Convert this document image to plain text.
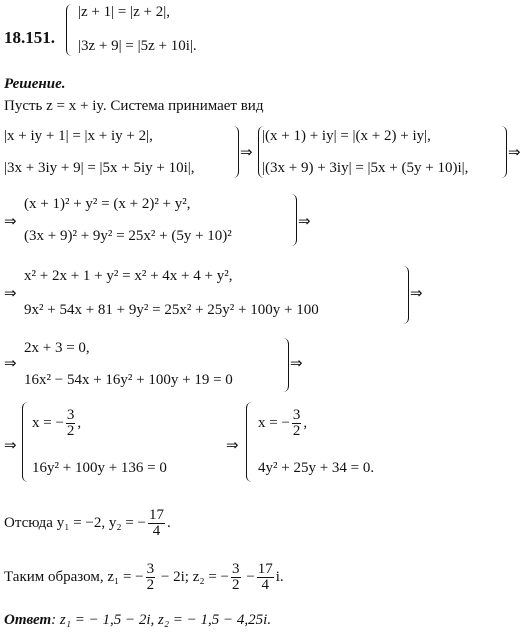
18.151.
|z + 1| = |z + 2|,
|3z + 9| = |5z + 10i|.
Решение.
Пусть z = x + iy. Система принимает вид
|x + iy + 1| = |x + iy + 2|,
|3x + 3iy + 9| = |5x + 5iy + 10i|,
⇒
|(x + 1) + iy| = |(x + 2) + iy|,
|(3x + 9) + 3iy| = |5x + (5y + 10)i|,
⇒
⇒
(x + 1)² + y² = (x + 2)² + y²,
(3x + 9)² + 9y² = 25x² + (5y + 10)²
⇒
⇒
x² + 2x + 1 + y² = x² + 4x + 4 + y²,
9x² + 54x + 81 + 9y² = 25x² + 25y² + 100y + 100
⇒
⇒
2x + 3 = 0,
16x² − 54x + 16y² + 100y + 19 = 0
⇒
⇒
x = − $\frac{3}{2}$ ,
16y² + 100y + 136 = 0
⇒
x = − $\frac{3}{2}$ ,
4y² + 25y + 34 = 0.
Отсюда y₁ = −2, y₂ = − $\frac{17}{4}$ .
Таким образом, z₁ = − $\frac{3}{2} - 2i$; z₂ = − $\frac{3}{2} - \frac{17}{4} i$.
Ответ: z₁ = − 1,5 − 2i, z₂ = − 1,5 − 4,25i.
